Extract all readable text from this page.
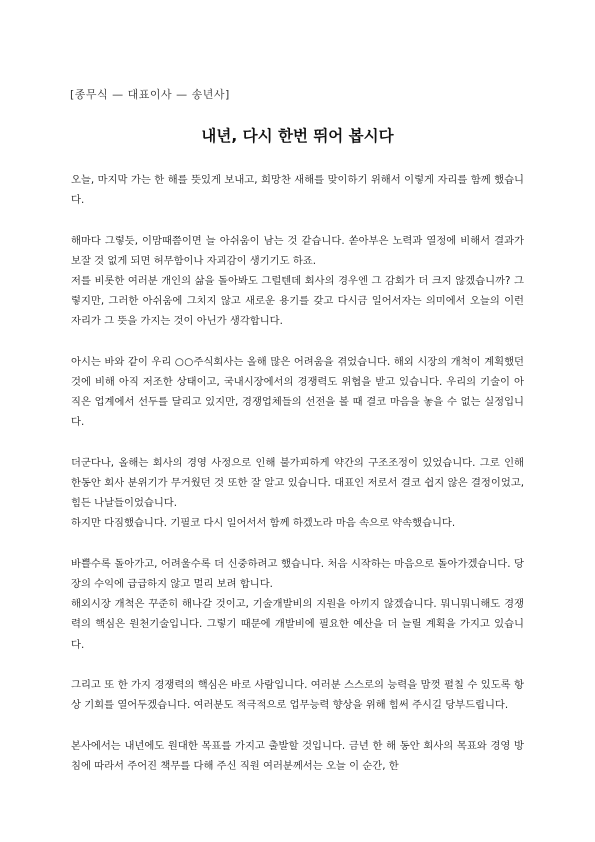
[종무식 — 대표이사 — 송년사]
내년, 다시 한번 뛰어 봅시다
오늘, 마지막 가는 한 해를 뜻있게 보내고, 희망찬 새해를 맞이하기 위해서 이렇게 자리를 함께 했습니다.
해마다 그렇듯, 이맘때쯤이면 늘 아쉬움이 남는 것 같습니다. 쏟아부은 노력과 열정에 비해서 결과가 보잘 것 없게 되면 허무함이나 자괴감이 생기기도 하죠.
저를 비롯한 여러분 개인의 삶을 돌아봐도 그럴텐데 회사의 경우엔 그 감회가 더 크지 않겠습니까? 그렇지만, 그러한 아쉬움에 그치지 않고 새로운 용기를 갖고 다시금 일어서자는 의미에서 오늘의 이런 자리가 그 뜻을 가지는 것이 아닌가 생각합니다.
아시는 바와 같이 우리 ○○주식회사는 올해 많은 어려움을 겪었습니다. 해외 시장의 개척이 계획했던 것에 비해 아직 저조한 상태이고, 국내시장에서의 경쟁력도 위협을 받고 있습니다. 우리의 기술이 아직은 업계에서 선두를 달리고 있지만, 경쟁업체들의 선전을 볼 때 결코 마음을 놓을 수 없는 실정입니다.
더군다나, 올해는 회사의 경영 사정으로 인해 불가피하게 약간의 구조조정이 있었습니다. 그로 인해 한동안 회사 분위기가 무거웠던 것 또한 잘 알고 있습니다. 대표인 저로서 결코 쉽지 않은 결정이었고, 힘든 나날들이었습니다.
하지만 다짐했습니다. 기필코 다시 일어서서 함께 하겠노라 마음 속으로 약속했습니다.
바쁠수록 돌아가고, 어려울수록 더 신중하려고 했습니다. 처음 시작하는 마음으로 돌아가겠습니다. 당장의 수익에 급급하지 않고 멀리 보려 합니다.
해외시장 개척은 꾸준히 해나갈 것이고, 기술개발비의 지원을 아끼지 않겠습니다. 뭐니뭐니해도 경쟁력의 핵심은 원천기술입니다. 그렇기 때문에 개발비에 필요한 예산을 더 늘릴 계획을 가지고 있습니다.
그리고 또 한 가지 경쟁력의 핵심은 바로 사람입니다. 여러분 스스로의 능력을 맘껏 펼칠 수 있도록 항상 기회를 열어두겠습니다. 여러분도 적극적으로 업무능력 향상을 위해 힘써 주시길 당부드립니다.
본사에서는 내년에도 원대한 목표를 가지고 출발할 것입니다. 금년 한 해 동안 회사의 목표와 경영 방침에 따라서 주어진 책무를 다해 주신 직원 여러분께서는 오늘 이 순간, 한
